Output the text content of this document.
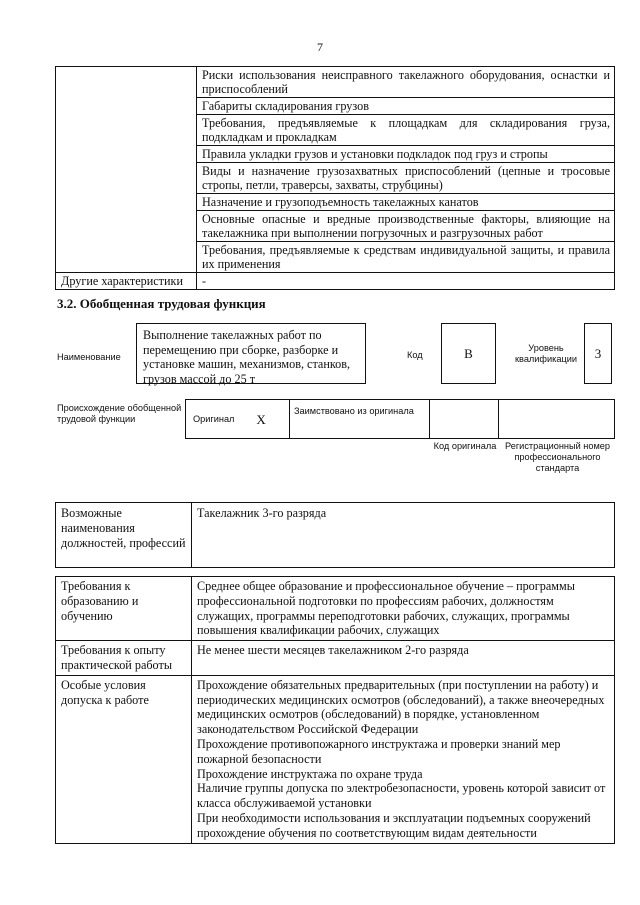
7
	Риски использования неисправного такелажного оборудования, оснастки и приспособлений
	Габариты складирования грузов
	Требования, предъявляемые к площадкам для складирования груза, подкладкам и прокладкам
	Правила укладки грузов и установки подкладок под груз и стропы
	Виды и назначение грузозахватных приспособлений (цепные и тросовые стропы, петли, траверсы, захваты, струбцины)
	Назначение и грузоподъемность такелажных канатов
	Основные опасные и вредные производственные факторы, влияющие на такелажника при выполнении погрузочных и разгрузочных работ
	Требования, предъявляемые к средствам индивидуальной защиты, и правила их применения
Другие характеристики	-
3.2. Обобщенная трудовая функция
Наименование
Выполнение такелажных работ по перемещению при сборке, разборке и установке машин, механизмов, станков, грузов массой до 25 т
Код	B	Уровень квалификации	3
Происхождение обобщенной трудовой функции	Оригинал X
Заимствовано из оригинала
Код оригинала Регистрационный номер профессионального стандарта
Возможные наименования должностей, профессий	Такелажник 3-го разряда
Требования к образованию и обучению	Среднее общее образование и профессиональное обучение – программы профессиональной подготовки по профессиям рабочих, должностям служащих, программы переподготовки рабочих, служащих, программы повышения квалификации рабочих, служащих
Требования к опыту практической работы	Не менее шести месяцев такелажником 2-го разряда
Особые условия допуска к работе	Прохождение обязательных предварительных (при поступлении на работу) и периодических медицинских осмотров (обследований), а также внеочередных медицинских осмотров (обследований) в порядке, установленном законодательством Российской Федерации
Прохождение противопожарного инструктажа и проверки знаний мер пожарной безопасности
Прохождение инструктажа по охране труда
Наличие группы допуска по электробезопасности, уровень которой зависит от класса обслуживаемой установки
При необходимости использования и эксплуатации подъемных сооружений прохождение обучения по соответствующим видам деятельности
